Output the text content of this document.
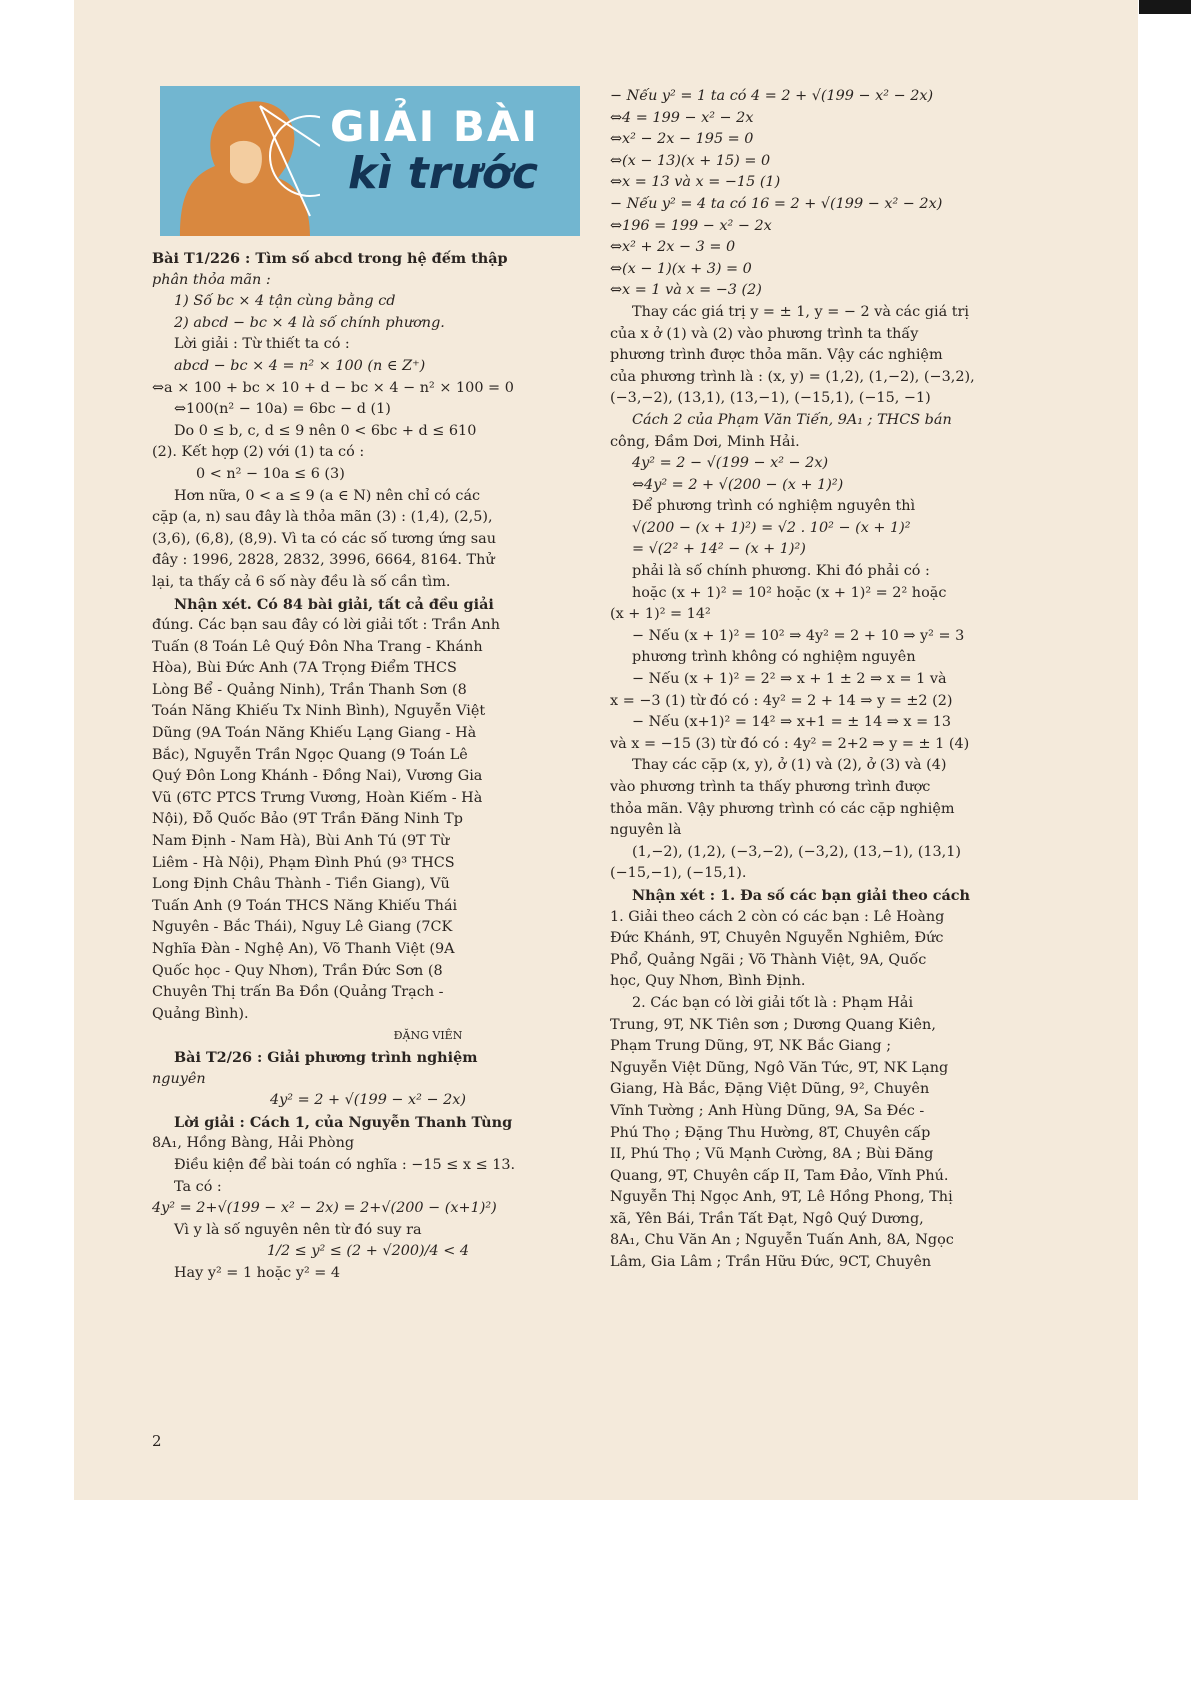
GIẢI BÀI
kì trước
Bài T1/226 : Tìm số abcd trong hệ đếm thập
phân thỏa mãn :
1) Số bc × 4 tận cùng bằng cd
2) abcd − bc × 4 là số chính phương.
Lời giải : Từ thiết ta có :
abcd − bc × 4 = n² × 100 (n ∈ Z⁺)
⇔a × 100 + bc × 10 + d − bc × 4 − n² × 100 = 0
⇔100(n² − 10a) = 6bc − d (1)
Do 0 ≤ b, c, d ≤ 9 nên 0 < 6bc + d ≤ 610
(2). Kết hợp (2) với (1) ta có :
0 < n² − 10a ≤ 6 (3)
Hơn nữa, 0 < a ≤ 9 (a ∈ N) nên chỉ có các
cặp (a, n) sau đây là thỏa mãn (3) : (1,4), (2,5),
(3,6), (6,8), (8,9). Vì ta có các số tương ứng sau
đây : 1996, 2828, 2832, 3996, 6664, 8164. Thử
lại, ta thấy cả 6 số này đều là số cần tìm.
Nhận xét. Có 84 bài giải, tất cả đều giải
đúng. Các bạn sau đây có lời giải tốt : Trần Anh
Tuấn (8 Toán Lê Quý Đôn Nha Trang - Khánh
Hòa), Bùi Đức Anh (7A Trọng Điểm THCS
Lòng Bể - Quảng Ninh), Trần Thanh Sơn (8
Toán Năng Khiếu Tx Ninh Bình), Nguyễn Việt
Dũng (9A Toán Năng Khiếu Lạng Giang - Hà
Bắc), Nguyễn Trần Ngọc Quang (9 Toán Lê
Quý Đôn Long Khánh - Đồng Nai), Vương Gia
Vũ (6TC PTCS Trưng Vương, Hoàn Kiếm - Hà
Nội), Đỗ Quốc Bảo (9T Trần Đăng Ninh Tp
Nam Định - Nam Hà), Bùi Anh Tú (9T Từ
Liêm - Hà Nội), Phạm Đình Phú (9³ THCS
Long Định Châu Thành - Tiền Giang), Vũ
Tuấn Anh (9 Toán THCS Năng Khiếu Thái
Nguyên - Bắc Thái), Nguy Lê Giang (7CK
Nghĩa Đàn - Nghệ An), Võ Thanh Việt (9A
Quốc học - Quy Nhơn), Trần Đức Sơn (8
Chuyên Thị trấn Ba Đồn (Quảng Trạch -
Quảng Bình).
ĐẶNG VIÊN
Bài T2/26 : Giải phương trình nghiệm
nguyên
4y² = 2 + √(199 − x² − 2x)
Lời giải : Cách 1, của Nguyễn Thanh Tùng
8A₁, Hồng Bàng, Hải Phòng
Điều kiện để bài toán có nghĩa : −15 ≤ x ≤ 13.
Ta có :
4y² = 2+√(199 − x² − 2x) = 2+√(200 − (x+1)²)
Vì y là số nguyên nên từ đó suy ra
1/2 ≤ y² ≤ (2 + √200)/4 < 4
Hay y² = 1 hoặc y² = 4
− Nếu y² = 1 ta có 4 = 2 + √(199 − x² − 2x)
⇔4 = 199 − x² − 2x
⇔x² − 2x − 195 = 0
⇔(x − 13)(x + 15) = 0
⇔x = 13 và x = −15 (1)
− Nếu y² = 4 ta có 16 = 2 + √(199 − x² − 2x)
⇔196 = 199 − x² − 2x
⇔x² + 2x − 3 = 0
⇔(x − 1)(x + 3) = 0
⇔x = 1 và x = −3 (2)
Thay các giá trị y = ± 1, y = − 2 và các giá trị
của x ở (1) và (2) vào phương trình ta thấy
phương trình được thỏa mãn. Vậy các nghiệm
của phương trình là : (x, y) = (1,2), (1,−2), (−3,2),
(−3,−2), (13,1), (13,−1), (−15,1), (−15, −1)
Cách 2 của Phạm Văn Tiến, 9A₁ ; THCS bán
công, Đầm Dơi, Minh Hải.
4y² = 2 − √(199 − x² − 2x)
⇔4y² = 2 + √(200 − (x + 1)²)
Để phương trình có nghiệm nguyên thì
√(200 − (x + 1)²) = √2 . 10² − (x + 1)²
= √(2² + 14² − (x + 1)²)
phải là số chính phương. Khi đó phải có :
hoặc (x + 1)² = 10² hoặc (x + 1)² = 2² hoặc
(x + 1)² = 14²
− Nếu (x + 1)² = 10² ⇒ 4y² = 2 + 10 ⇒ y² = 3
phương trình không có nghiệm nguyên
− Nếu (x + 1)² = 2² ⇒ x + 1 ± 2 ⇒ x = 1 và
x = −3 (1) từ đó có : 4y² = 2 + 14 ⇒ y = ±2 (2)
− Nếu (x+1)² = 14² ⇒ x+1 = ± 14 ⇒ x = 13
và x = −15 (3) từ đó có : 4y² = 2+2 ⇒ y = ± 1 (4)
Thay các cặp (x, y), ở (1) và (2), ở (3) và (4)
vào phương trình ta thấy phương trình được
thỏa mãn. Vậy phương trình có các cặp nghiệm
nguyên là
(1,−2), (1,2), (−3,−2), (−3,2), (13,−1), (13,1)
(−15,−1), (−15,1).
Nhận xét : 1. Đa số các bạn giải theo cách
1. Giải theo cách 2 còn có các bạn : Lê Hoàng
Đức Khánh, 9T, Chuyên Nguyễn Nghiêm, Đức
Phổ, Quảng Ngãi ; Võ Thành Việt, 9A, Quốc
học, Quy Nhơn, Bình Định.
2. Các bạn có lời giải tốt là : Phạm Hải
Trung, 9T, NK Tiên sơn ; Dương Quang Kiên,
Phạm Trung Dũng, 9T, NK Bắc Giang ;
Nguyễn Việt Dũng, Ngô Văn Tức, 9T, NK Lạng
Giang, Hà Bắc, Đặng Việt Dũng, 9², Chuyên
Vĩnh Tường ; Anh Hùng Dũng, 9A, Sa Đéc -
Phú Thọ ; Đặng Thu Hường, 8T, Chuyên cấp
II, Phú Thọ ; Vũ Mạnh Cường, 8A ; Bùi Đăng
Quang, 9T, Chuyên cấp II, Tam Đảo, Vĩnh Phú.
Nguyễn Thị Ngọc Anh, 9T, Lê Hồng Phong, Thị
xã, Yên Bái, Trần Tất Đạt, Ngô Quý Dương,
8A₁, Chu Văn An ; Nguyễn Tuấn Anh, 8A, Ngọc
Lâm, Gia Lâm ; Trần Hữu Đức, 9CT, Chuyên
2
